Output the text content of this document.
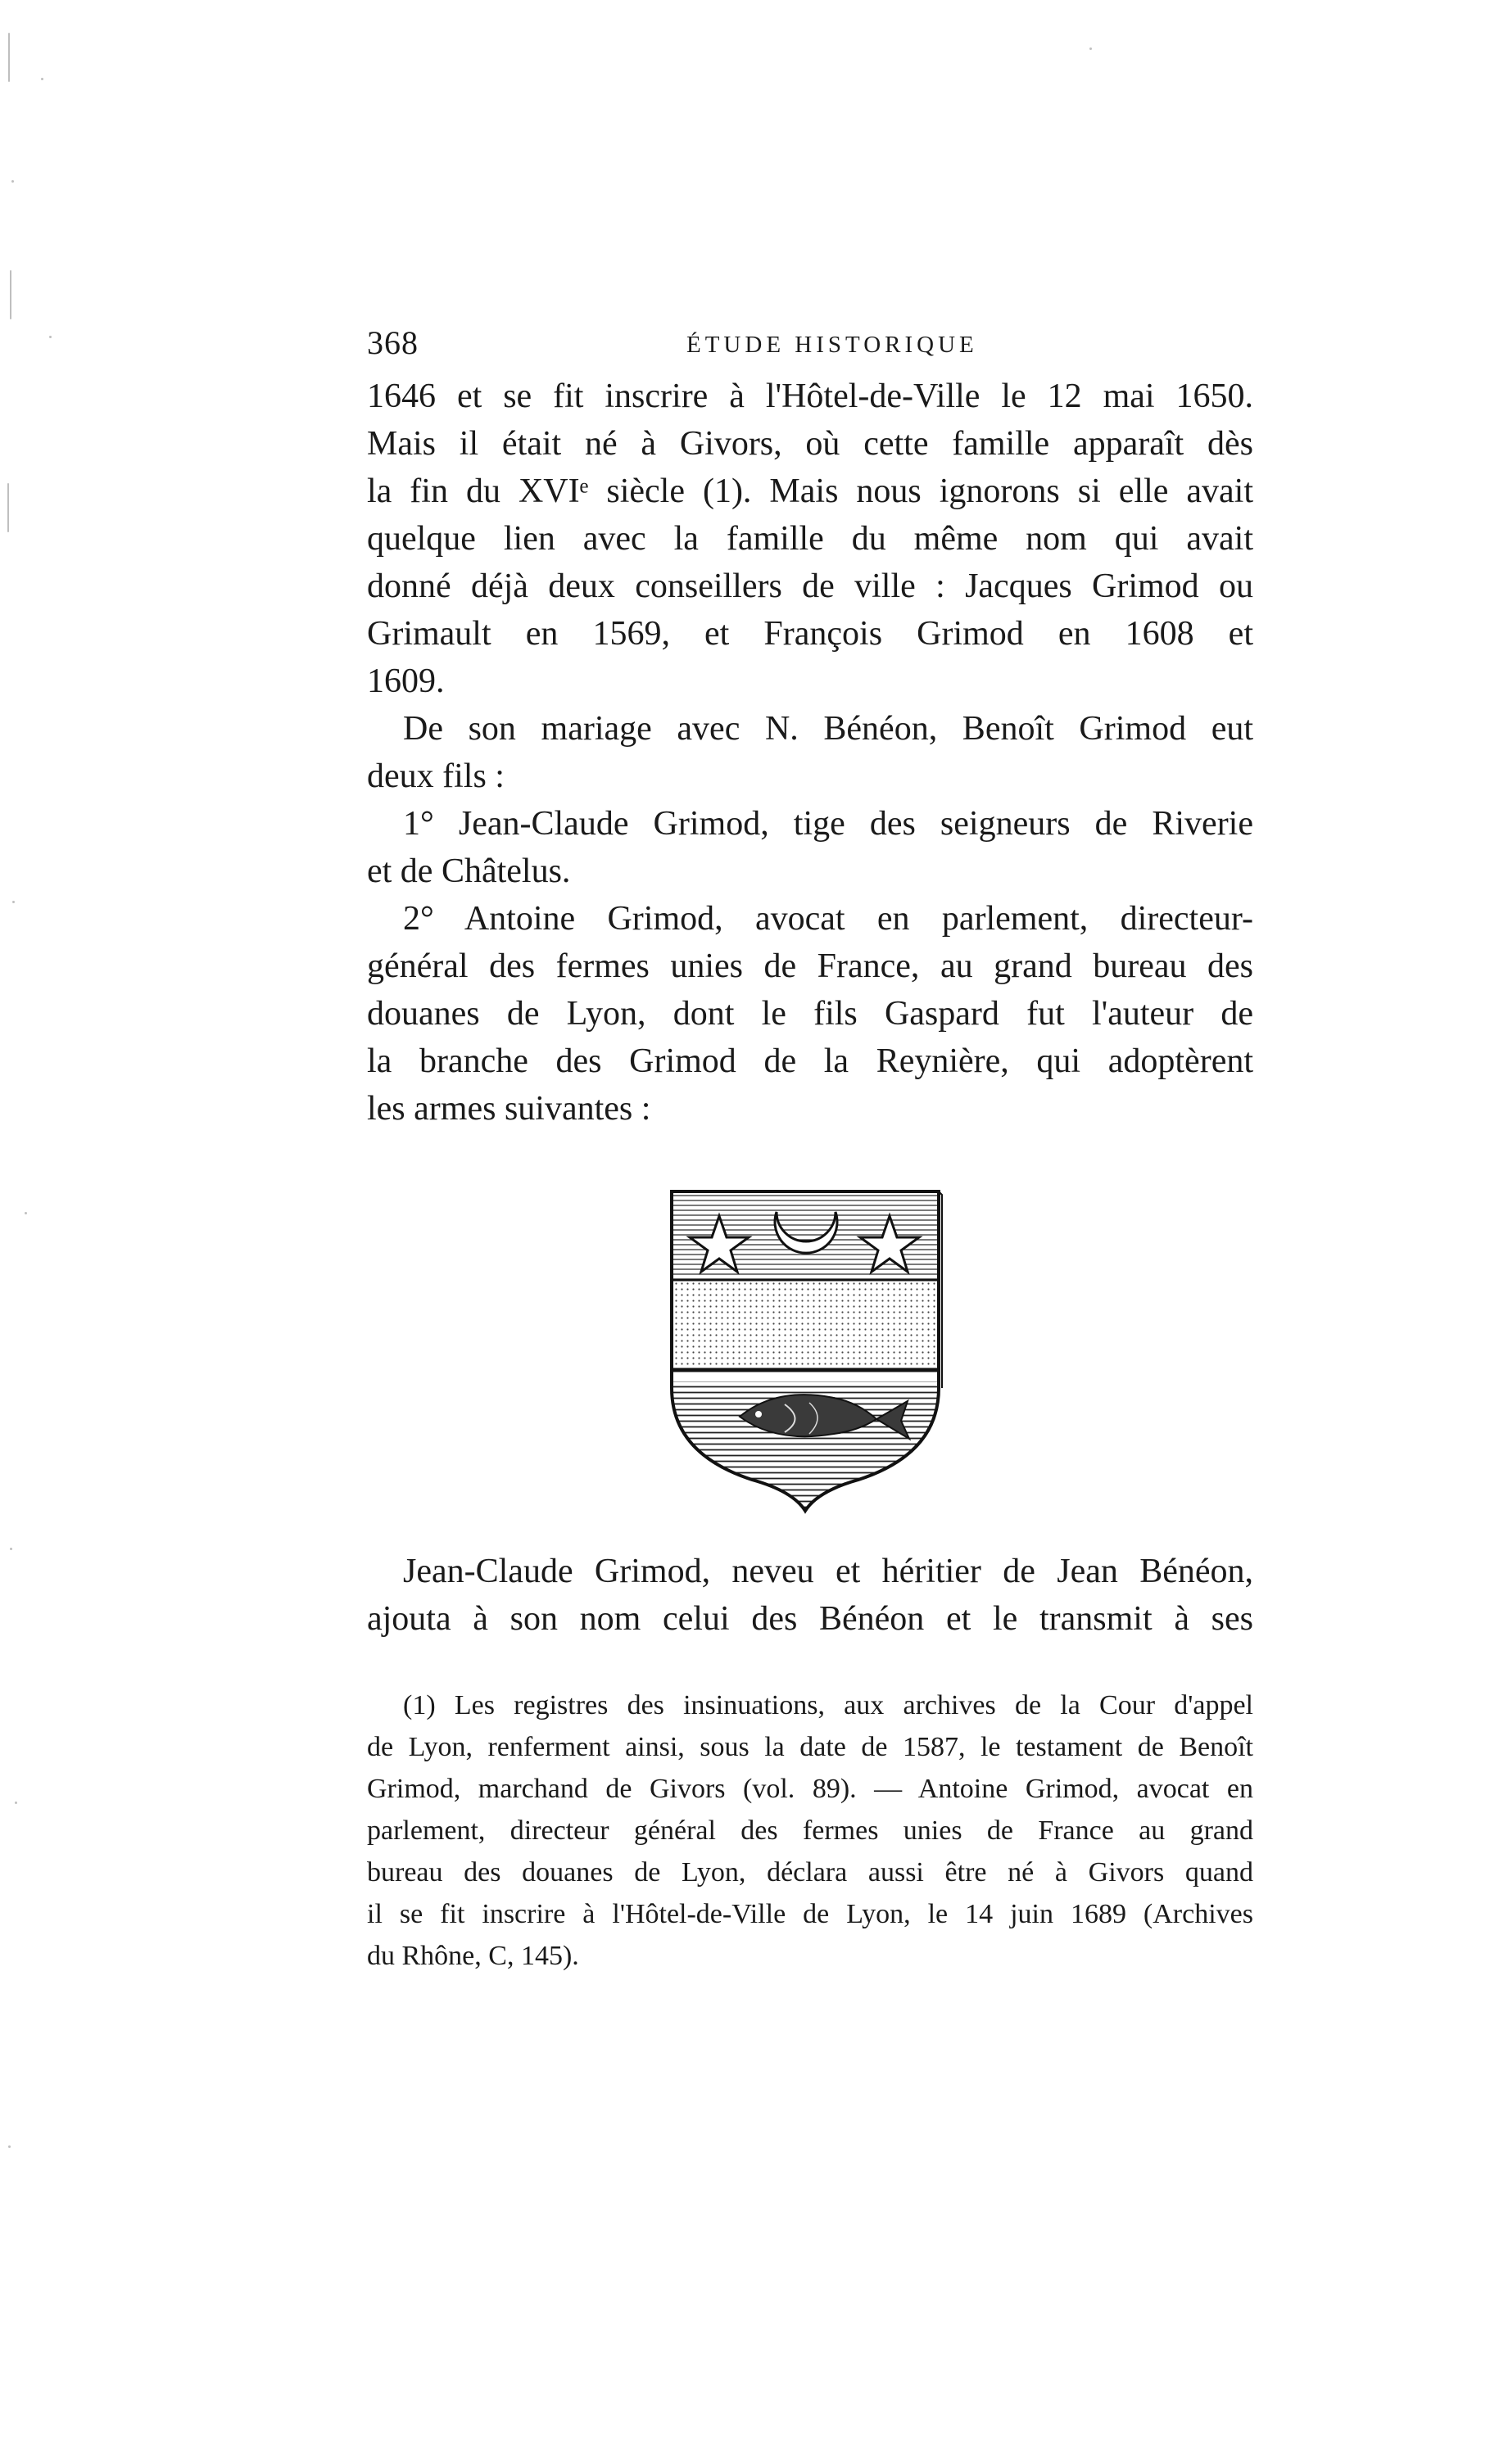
368	ÉTUDE HISTORIQUE
1646 et se fit inscrire à l'Hôtel-de-Ville le 12 mai 1650.
Mais il était né à Givors, où cette famille apparaît dès
la fin du XVIᵉ siècle (1). Mais nous ignorons si elle avait
quelque lien avec la famille du même nom qui avait
donné déjà deux conseillers de ville : Jacques Grimod ou
Grimault en 1569, et François Grimod en 1608 et
1609.
De son mariage avec N. Bénéon, Benoît Grimod eut
deux fils :
1° Jean-Claude Grimod, tige des seigneurs de Riverie
et de Châtelus.
2° Antoine Grimod, avocat en parlement, directeur-
général des fermes unies de France, au grand bureau des
douanes de Lyon, dont le fils Gaspard fut l'auteur de
la branche des Grimod de la Reynière, qui adoptèrent
les armes suivantes :
Jean-Claude Grimod, neveu et héritier de Jean Bénéon,
ajouta à son nom celui des Bénéon et le transmit à ses
(1) Les registres des insinuations, aux archives de la Cour d'appel
de Lyon, renferment ainsi, sous la date de 1587, le testament de Benoît
Grimod, marchand de Givors (vol. 89). — Antoine Grimod, avocat en
parlement, directeur général des fermes unies de France au grand
bureau des douanes de Lyon, déclara aussi être né à Givors quand
il se fit inscrire à l'Hôtel-de-Ville de Lyon, le 14 juin 1689 (Archives
du Rhône, C, 145).
